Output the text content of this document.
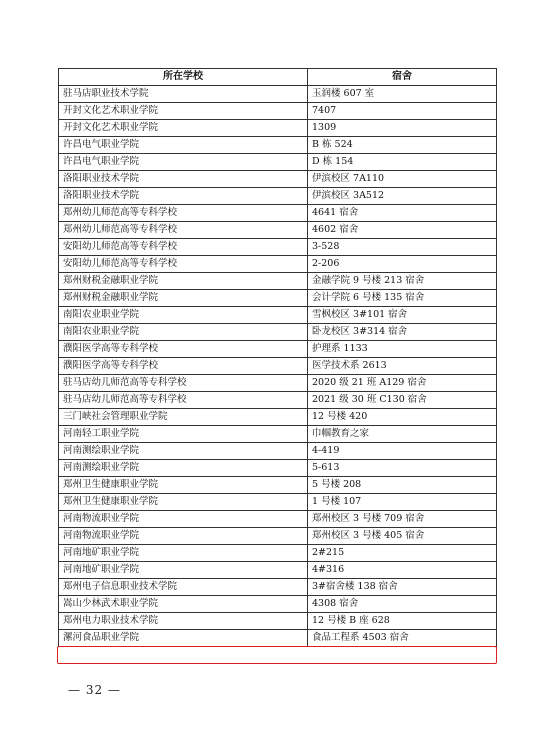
所在学校	宿舍
驻马店职业技术学院	玉润楼 607 室
开封文化艺术职业学院	7407
开封文化艺术职业学院	1309
许昌电气职业学院	B 栋 524
许昌电气职业学院	D 栋 154
洛阳职业技术学院	伊滨校区 7A110
洛阳职业技术学院	伊滨校区 3A512
郑州幼儿师范高等专科学校	4641 宿舍
郑州幼儿师范高等专科学校	4602 宿舍
安阳幼儿师范高等专科学校	3-528
安阳幼儿师范高等专科学校	2-206
郑州财税金融职业学院	金融学院 9 号楼 213 宿舍
郑州财税金融职业学院	会计学院 6 号楼 135 宿舍
南阳农业职业学院	雪枫校区 3#101 宿舍
南阳农业职业学院	卧龙校区 3#314 宿舍
濮阳医学高等专科学校	护理系 1133
濮阳医学高等专科学校	医学技术系 2613
驻马店幼儿师范高等专科学校	2020 级 21 班 A129 宿舍
驻马店幼儿师范高等专科学校	2021 级 30 班 C130 宿舍
三门峡社会管理职业学院	12 号楼 420
河南轻工职业学院	巾帼教育之家
河南测绘职业学院	4-419
河南测绘职业学院	5-613
郑州卫生健康职业学院	5 号楼 208
郑州卫生健康职业学院	1 号楼 107
河南物流职业学院	郑州校区 3 号楼 709 宿舍
河南物流职业学院	郑州校区 3 号楼 405 宿舍
河南地矿职业学院	2#215
河南地矿职业学院	4#316
郑州电子信息职业技术学院	3#宿舍楼 138 宿舍
嵩山少林武术职业学院	4308 宿舍
郑州电力职业技术学院	12 号楼 B 座 628
漯河食品职业学院	食品工程系 4503 宿舍
— 32 —
